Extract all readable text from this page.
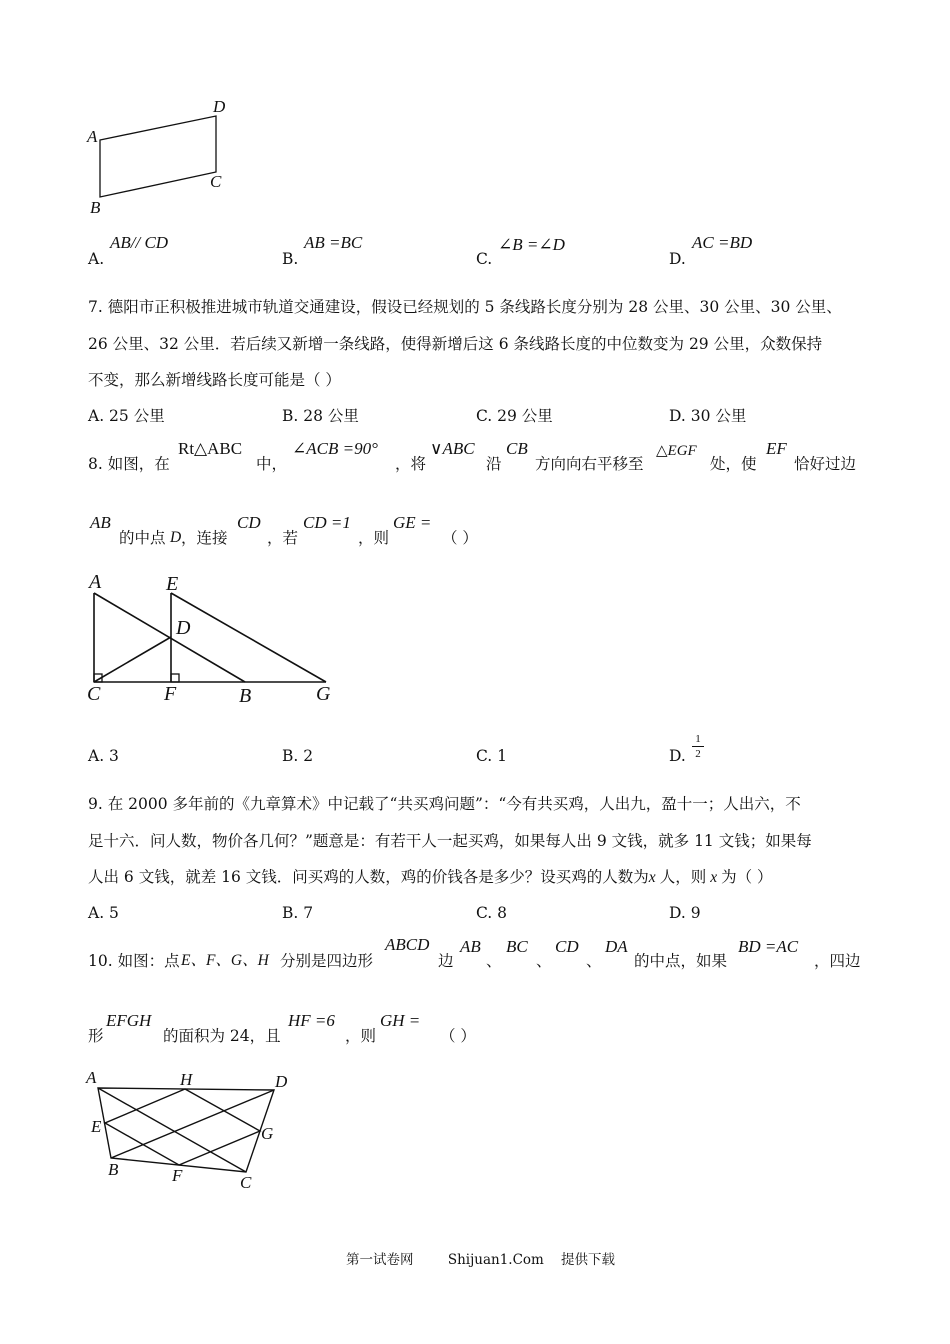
A
D
C
B
A.
AB// CD
B.
AB =BC
C.
∠B =∠D
D.
AC =BD
7. 德阳市正积极推进城市轨道交通建设，假设已经规划的 5 条线路长度分别为 28 公里、30 公里、30 公里、
26 公里、32 公里．若后续又新增一条线路，使得新增后这 6 条线路长度的中位数变为 29 公里，众数保持
不变，那么新增线路长度可能是（ ）
A. 25 公里	B. 28 公里	C. 29 公里	D. 30 公里
8. 如图，在
Rt△ABC
中，
∠ACB =90°
，将
∨ABC
沿
CB
方向向右平移至
△EGF
处，使
EF
恰好过边
AB
的中点 D ，连接
CD
，若
CD =1
，则
GE =
（ ）
A	E
D
C	F	B	G
A. 3	B. 2	C. 1	D.
1
2
9. 在 2000 多年前的《九章算术》中记载了“共买鸡问题”：“今有共买鸡，人出九，盈十一；人出六，不
足十六．问人数，物价各几何？”题意是：有若干人一起买鸡，如果每人出 9 文钱，就多 11 文钱；如果每
人出 6 文钱，就差 16 文钱．问买鸡的人数，鸡的价钱各是多少？设买鸡的人数为x 人，则 x 为（ ）
A. 5	B. 7	C. 8	D. 9
10. 如图：点 E、F、G、H 分别是四边形
ABCD
边
AB
、
BC
、
CD
、
DA
的中点，如果
BD =AC
，四边
形
EFGH
的面积为 24，且
HF =6
，则
GH =
（ ）
A	H	D
E	G
B	F	C
第一试卷网        Shijuan1.Com    提供下载
